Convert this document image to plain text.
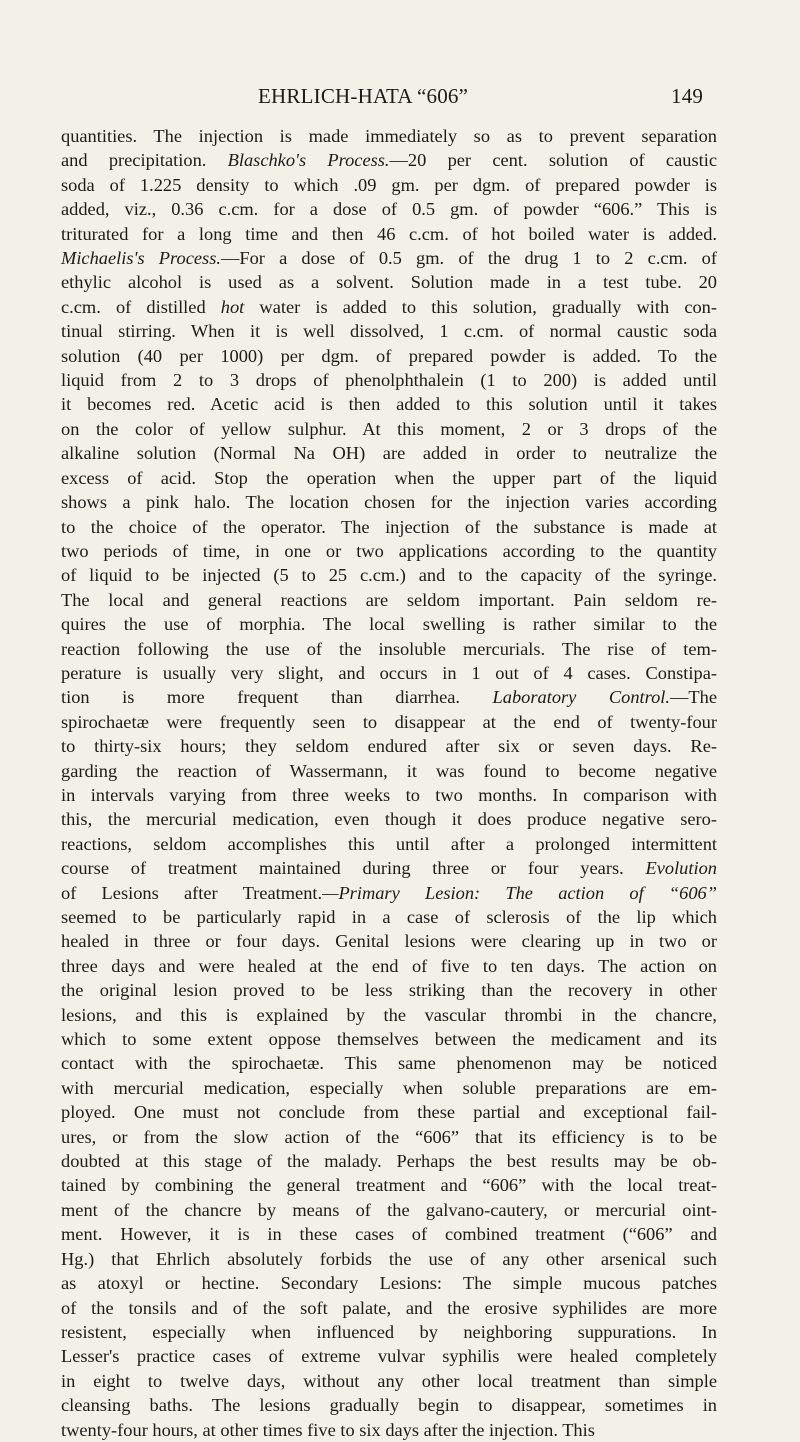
EHRLICH-HATA “606”	149
quantities. The injection is made immediately so as to prevent separation
and precipitation. Blaschko's Process.—20 per cent. solution of caustic
soda of 1.225 density to which .09 gm. per dgm. of prepared powder is
added, viz., 0.36 c.cm. for a dose of 0.5 gm. of powder “606.” This is
triturated for a long time and then 46 c.cm. of hot boiled water is added.
Michaelis's Process.—For a dose of 0.5 gm. of the drug 1 to 2 c.cm. of
ethylic alcohol is used as a solvent. Solution made in a test tube. 20
c.cm. of distilled hot water is added to this solution, gradually with con-
tinual stirring. When it is well dissolved, 1 c.cm. of normal caustic soda
solution (40 per 1000) per dgm. of prepared powder is added. To the
liquid from 2 to 3 drops of phenolphthalein (1 to 200) is added until
it becomes red. Acetic acid is then added to this solution until it takes
on the color of yellow sulphur. At this moment, 2 or 3 drops of the
alkaline solution (Normal Na OH) are added in order to neutralize the
excess of acid. Stop the operation when the upper part of the liquid
shows a pink halo. The location chosen for the injection varies according
to the choice of the operator. The injection of the substance is made at
two periods of time, in one or two applications according to the quantity
of liquid to be injected (5 to 25 c.cm.) and to the capacity of the syringe.
The local and general reactions are seldom important. Pain seldom re-
quires the use of morphia. The local swelling is rather similar to the
reaction following the use of the insoluble mercurials. The rise of tem-
perature is usually very slight, and occurs in 1 out of 4 cases. Constipa-
tion is more frequent than diarrhea. Laboratory Control.—The
spirochaetæ were frequently seen to disappear at the end of twenty-four
to thirty-six hours; they seldom endured after six or seven days. Re-
garding the reaction of Wassermann, it was found to become negative
in intervals varying from three weeks to two months. In comparison with
this, the mercurial medication, even though it does produce negative sero-
reactions, seldom accomplishes this until after a prolonged intermittent
course of treatment maintained during three or four years. Evolution
of Lesions after Treatment.—Primary Lesion: The action of “606”
seemed to be particularly rapid in a case of sclerosis of the lip which
healed in three or four days. Genital lesions were clearing up in two or
three days and were healed at the end of five to ten days. The action on
the original lesion proved to be less striking than the recovery in other
lesions, and this is explained by the vascular thrombi in the chancre,
which to some extent oppose themselves between the medicament and its
contact with the spirochaetæ. This same phenomenon may be noticed
with mercurial medication, especially when soluble preparations are em-
ployed. One must not conclude from these partial and exceptional fail-
ures, or from the slow action of the “606” that its efficiency is to be
doubted at this stage of the malady. Perhaps the best results may be ob-
tained by combining the general treatment and “606” with the local treat-
ment of the chancre by means of the galvano-cautery, or mercurial oint-
ment. However, it is in these cases of combined treatment (“606” and
Hg.) that Ehrlich absolutely forbids the use of any other arsenical such
as atoxyl or hectine. Secondary Lesions: The simple mucous patches
of the tonsils and of the soft palate, and the erosive syphilides are more
resistent, especially when influenced by neighboring suppurations. In
Lesser's practice cases of extreme vulvar syphilis were healed completely
in eight to twelve days, without any other local treatment than simple
cleansing baths. The lesions gradually begin to disappear, sometimes in
twenty-four hours, at other times five to six days after the injection. This
